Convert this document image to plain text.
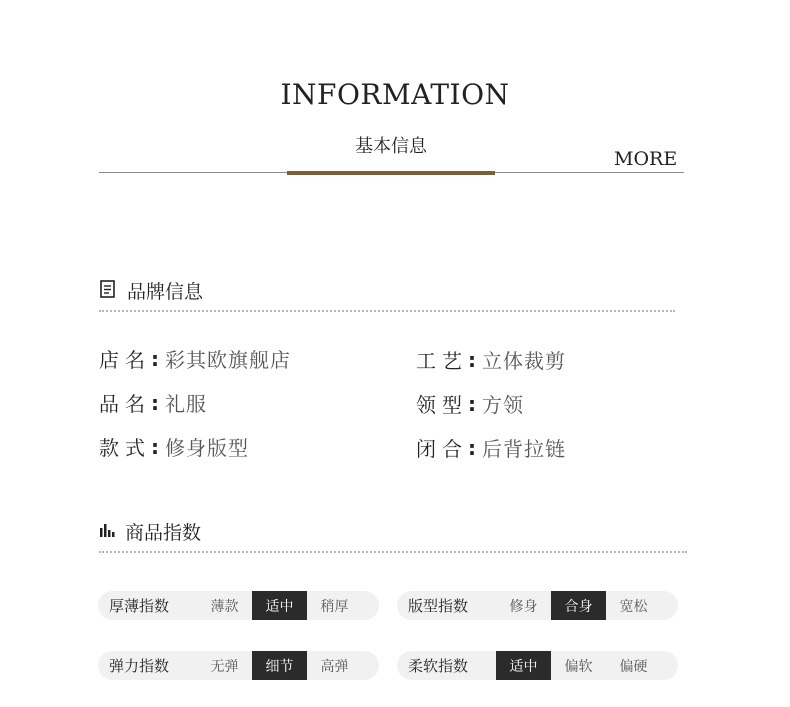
INFORMATION
基本信息
MORE
品牌信息
店名 : 彩其欧旗舰店
品名 : 礼服
款式 : 修身版型
工艺 : 立体裁剪
领型 : 方领
闭合 : 后背拉链
商品指数
厚薄指数	薄款	适中	稍厚	版型指数	修身	合身	宽松
弹力指数	无弹	细节	高弹	柔软指数	适中	偏软	偏硬
